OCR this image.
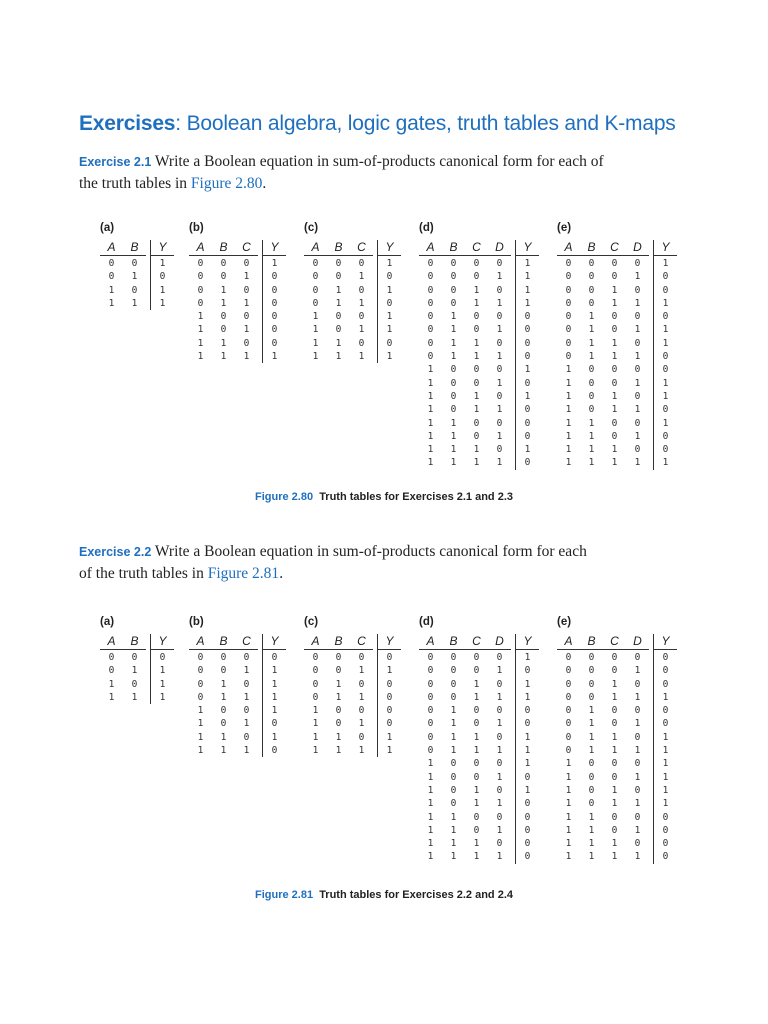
Exercises: Boolean algebra, logic gates, truth tables and K-maps

Exercise 2.1 Write a Boolean equation in sum-of-products canonical form for each of the truth tables in Figure 2.80.

(a)
A
0
0
1
1
B
0
1
0
1
Y
1
0
1
1
(b)
A
0
0
0
0
1
1
1
1
B
0
0
1
1
0
0
1
1
C
0
1
0
1
0
1
0
1
Y
1
0
0
0
0
0
0
1
(c)
A
0
0
0
0
1
1
1
1
B
0
0
1
1
0
0
1
1
C
0
1
0
1
0
1
0
1
Y
1
0
1
0
1
1
0
1
(d)
A
0
0
0
0
0
0
0
0
1
1
1
1
1
1
1
1
B
0
0
0
0
1
1
1
1
0
0
0
0
1
1
1
1
C
0
0
1
1
0
0
1
1
0
0
1
1
0
0
1
1
D
0
1
0
1
0
1
0
1
0
1
0
1
0
1
0
1
Y
1
1
1
1
0
0
0
0
1
0
1
0
0
0
1
0
(e)
A
0
0
0
0
0
0
0
0
1
1
1
1
1
1
1
1
B
0
0
0
0
1
1
1
1
0
0
0
0
1
1
1
1
C
0
0
1
1
0
0
1
1
0
0
1
1
0
0
1
1
D
0
1
0
1
0
1
0
1
0
1
0
1
0
1
0
1
Y
1
0
0
1
0
1
1
0
0
1
1
0
1
0
0
1

Figure 2.80 Truth tables for Exercises 2.1 and 2.3

Exercise 2.2 Write a Boolean equation in sum-of-products canonical form for each of the truth tables in Figure 2.81.

(a)
A
0
0
1
1
B
0
1
0
1
Y
0
1
1
1
(b)
A
0
0
0
0
1
1
1
1
B
0
0
1
1
0
0
1
1
C
0
1
0
1
0
1
0
1
Y
0
1
1
1
1
0
1
0
(c)
A
0
0
0
0
1
1
1
1
B
0
0
1
1
0
0
1
1
C
0
1
0
1
0
1
0
1
Y
0
1
0
0
0
0
1
1
(d)
A
0
0
0
0
0
0
0
0
1
1
1
1
1
1
1
1
B
0
0
0
0
1
1
1
1
0
0
0
0
1
1
1
1
C
0
0
1
1
0
0
1
1
0
0
1
1
0
0
1
1
D
0
1
0
1
0
1
0
1
0
1
0
1
0
1
0
1
Y
1
0
1
1
0
0
1
1
1
0
1
0
0
0
0
0
(e)
A
0
0
0
0
0
0
0
0
1
1
1
1
1
1
1
1
B
0
0
0
0
1
1
1
1
0
0
0
0
1
1
1
1
C
0
0
1
1
0
0
1
1
0
0
1
1
0
0
1
1
D
0
1
0
1
0
1
0
1
0
1
0
1
0
1
0
1
Y
0
0
0
1
0
0
1
1
1
1
1
1
0
0
0
0

Figure 2.81 Truth tables for Exercises 2.2 and 2.4
